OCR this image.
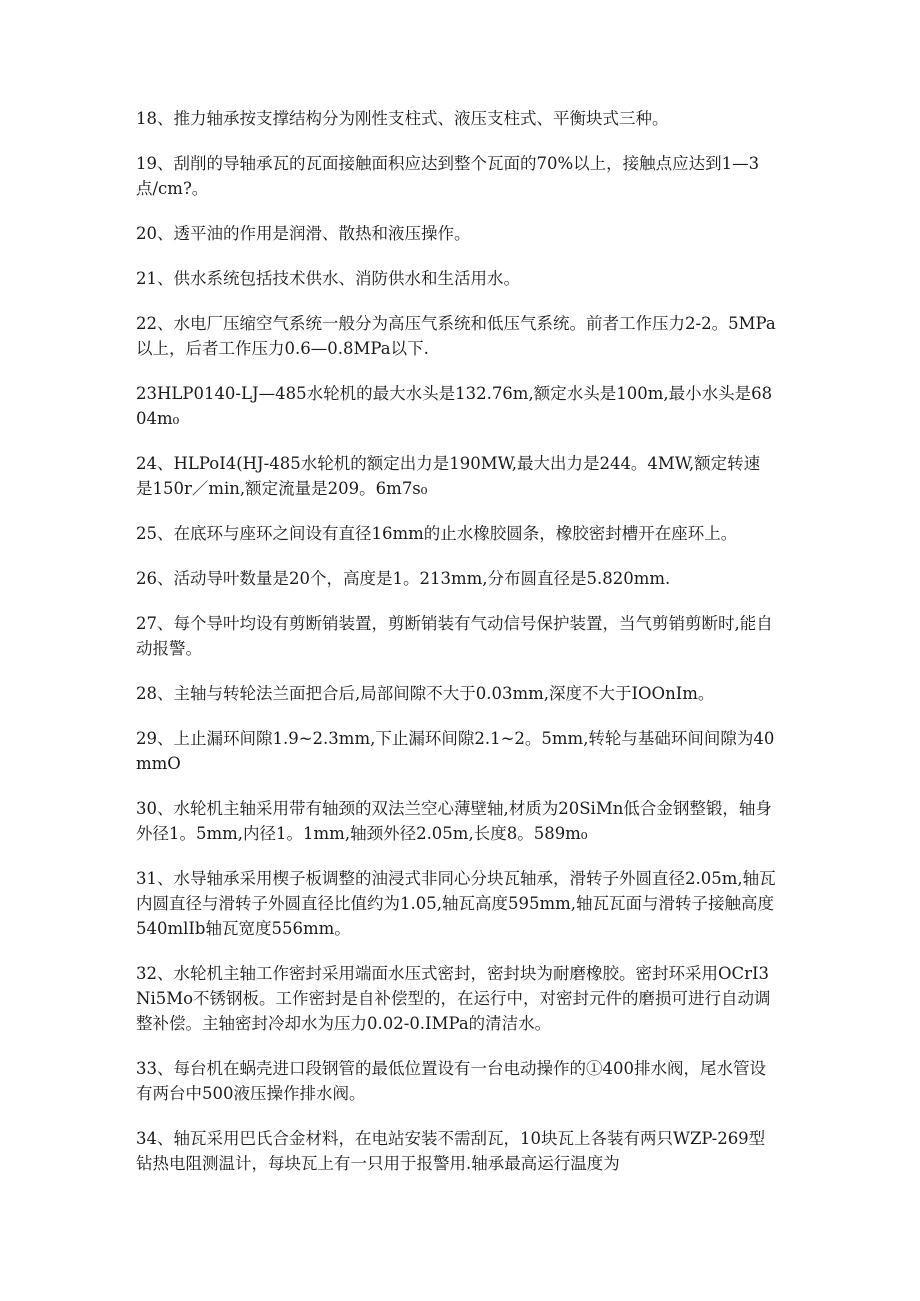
18、推力轴承按支撑结构分为刚性支柱式、液压支柱式、平衡块式三种。

19、刮削的导轴承瓦的瓦面接触面积应达到整个瓦面的70%以上，接触点应达到1—3点/cm?。

20、透平油的作用是润滑、散热和液压操作。

21、供水系统包括技术供水、消防供水和生活用水。

22、水电厂压缩空气系统一般分为高压气系统和低压气系统。前者工作压力2-2。5MPa以上，后者工作压力0.6—0.8MPa以下.

23HLP0140-LJ—485水轮机的最大水头是132.76m,额定水头是100m,最小水头是6804m₀

24、HLPoI4(HJ-485水轮机的额定出力是190MW,最大出力是244。4MW,额定转速是150r／min,额定流量是209。6m7s₀

25、在底环与座环之间设有直径16mm的止水橡胶圆条，橡胶密封槽开在座环上。

26、活动导叶数量是20个，高度是1。213mm,分布圆直径是5.820mm.

27、每个导叶均设有剪断销装置，剪断销装有气动信号保护装置，当气剪销剪断时,能自动报警。

28、主轴与转轮法兰面把合后,局部间隙不大于0.03mm,深度不大于IOOnIm。

29、上止漏环间隙1.9~2.3mm,下止漏环间隙2.1~2。5mm,转轮与基础环间间隙为40mmO

30、水轮机主轴采用带有轴颈的双法兰空心薄壁轴,材质为20SiMn低合金钢整锻，轴身外径1。5mm,内径1。1mm,轴颈外径2.05m,长度8。589m₀

31、水导轴承采用楔子板调整的油浸式非同心分块瓦轴承，滑转子外圆直径2.05m,轴瓦内圆直径与滑转子外圆直径比值约为1.05,轴瓦高度595mm,轴瓦瓦面与滑转子接触高度540mlIb轴瓦宽度556mm。

32、水轮机主轴工作密封采用端面水压式密封，密封块为耐磨橡胶。密封环采用OCrI3Ni5Mo不锈钢板。工作密封是自补偿型的，在运行中，对密封元件的磨损可进行自动调整补偿。主轴密封冷却水为压力0.02-0.IMPa的清洁水。

33、每台机在蜗壳进口段钢管的最低位置设有一台电动操作的①400排水阀，尾水管设有两台中500液压操作排水阀。

34、轴瓦采用巴氏合金材料，在电站安装不需刮瓦，10块瓦上各装有两只WZP-269型钻热电阻测温计，每块瓦上有一只用于报警用.轴承最高运行温度为
